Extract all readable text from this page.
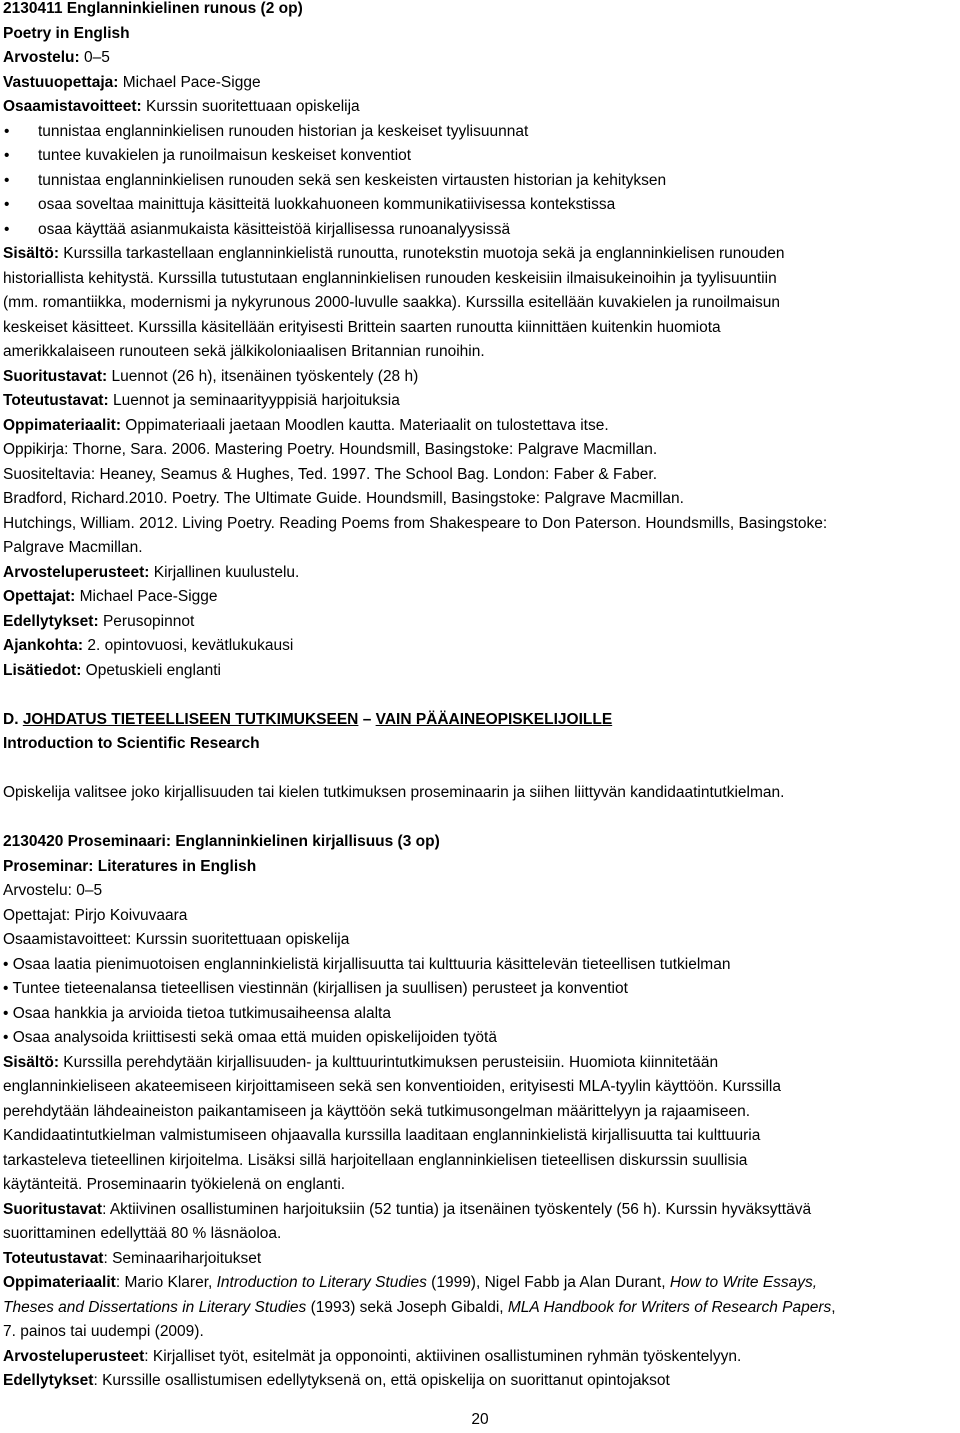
2130411 Englanninkielinen runous (2 op)
Poetry in English
Arvostelu: 0–5
Vastuuopettaja: Michael Pace-Sigge
Osaamistavoitteet: Kurssin suoritettuaan opiskelija
• tunnistaa englanninkielisen runouden historian ja keskeiset tyylisuunnat
• tuntee kuvakielen ja runoilmaisun keskeiset konventiot
• tunnistaa englanninkielisen runouden sekä sen keskeisten virtausten historian ja kehityksen
• osaa soveltaa mainittuja käsitteitä luokkahuoneen kommunikatiivisessa kontekstissa
• osaa käyttää asianmukaista käsitteistöä kirjallisessa runoanalyysissä
Sisältö: Kurssilla tarkastellaan englanninkielistä runoutta, runotekstin muotoja sekä ja englanninkielisen runouden
historiallista kehitystä. Kurssilla tutustutaan englanninkielisen runouden keskeisiin ilmaisukeinoihin ja tyylisuuntiin
(mm. romantiikka, modernismi ja nykyrunous 2000-luvulle saakka). Kurssilla esitellään kuvakielen ja runoilmaisun
keskeiset käsitteet. Kurssilla käsitellään erityisesti Brittein saarten runoutta kiinnittäen kuitenkin huomiota
amerikkalaiseen runouteen sekä jälkikoloniaalisen Britannian runoihin.
Suoritustavat: Luennot (26 h), itsenäinen työskentely (28 h)
Toteutustavat: Luennot ja seminaarityyppisiä harjoituksia
Oppimateriaalit: Oppimateriaali jaetaan Moodlen kautta. Materiaalit on tulostettava itse.
Oppikirja: Thorne, Sara. 2006. Mastering Poetry. Houndsmill, Basingstoke: Palgrave Macmillan.
Suositeltavia: Heaney, Seamus & Hughes, Ted. 1997. The School Bag. London: Faber & Faber.
Bradford, Richard.2010. Poetry. The Ultimate Guide. Houndsmill, Basingstoke: Palgrave Macmillan.
Hutchings, William. 2012. Living Poetry. Reading Poems from Shakespeare to Don Paterson. Houndsmills, Basingstoke:
Palgrave Macmillan.
Arvosteluperusteet: Kirjallinen kuulustelu.
Opettajat: Michael Pace-Sigge
Edellytykset: Perusopinnot
Ajankohta: 2. opintovuosi, kevätlukukausi
Lisätiedot: Opetuskieli englanti
D. JOHDATUS TIETEELLISEEN TUTKIMUKSEEN – VAIN PÄÄAINEOPISKELIJOILLE
Introduction to Scientific Research
Opiskelija valitsee joko kirjallisuuden tai kielen tutkimuksen proseminaarin ja siihen liittyvän kandidaatintutkielman.
2130420 Proseminaari: Englanninkielinen kirjallisuus (3 op)
Proseminar: Literatures in English
Arvostelu: 0–5
Opettajat: Pirjo Koivuvaara
Osaamistavoitteet: Kurssin suoritettuaan opiskelija
• Osaa laatia pienimuotoisen englanninkielistä kirjallisuutta tai kulttuuria käsittelevän tieteellisen tutkielman
• Tuntee tieteenalansa tieteellisen viestinnän (kirjallisen ja suullisen) perusteet ja konventiot
• Osaa hankkia ja arvioida tietoa tutkimusaiheensa alalta
• Osaa analysoida kriittisesti sekä omaa että muiden opiskelijoiden työtä
Sisältö: Kurssilla perehdytään kirjallisuuden- ja kulttuurintutkimuksen perusteisiin. Huomiota kiinnitetään
englanninkieliseen akateemiseen kirjoittamiseen sekä sen konventioiden, erityisesti MLA-tyylin käyttöön. Kurssilla
perehdytään lähdeaineiston paikantamiseen ja käyttöön sekä tutkimusongelman määrittelyyn ja rajaamiseen.
Kandidaatintutkielman valmistumiseen ohjaavalla kurssilla laaditaan englanninkielistä kirjallisuutta tai kulttuuria
tarkasteleva tieteellinen kirjoitelma. Lisäksi sillä harjoitellaan englanninkielisen tieteellisen diskurssin suullisia
käytänteitä. Proseminaarin työkielenä on englanti.
Suoritustavat: Aktiivinen osallistuminen harjoituksiin (52 tuntia) ja itsenäinen työskentely (56 h). Kurssin hyväksyttävä
suorittaminen edellyttää 80 % läsnäoloa.
Toteutustavat: Seminaariharjoitukset
Oppimateriaalit: Mario Klarer, Introduction to Literary Studies (1999), Nigel Fabb ja Alan Durant, How to Write Essays,
Theses and Dissertations in Literary Studies (1993) sekä Joseph Gibaldi, MLA Handbook for Writers of Research Papers,
7. painos tai uudempi (2009).
Arvosteluperusteet: Kirjalliset työt, esitelmät ja opponointi, aktiivinen osallistuminen ryhmän työskentelyyn.
Edellytykset: Kurssille osallistumisen edellytyksenä on, että opiskelija on suorittanut opintojaksot
20
